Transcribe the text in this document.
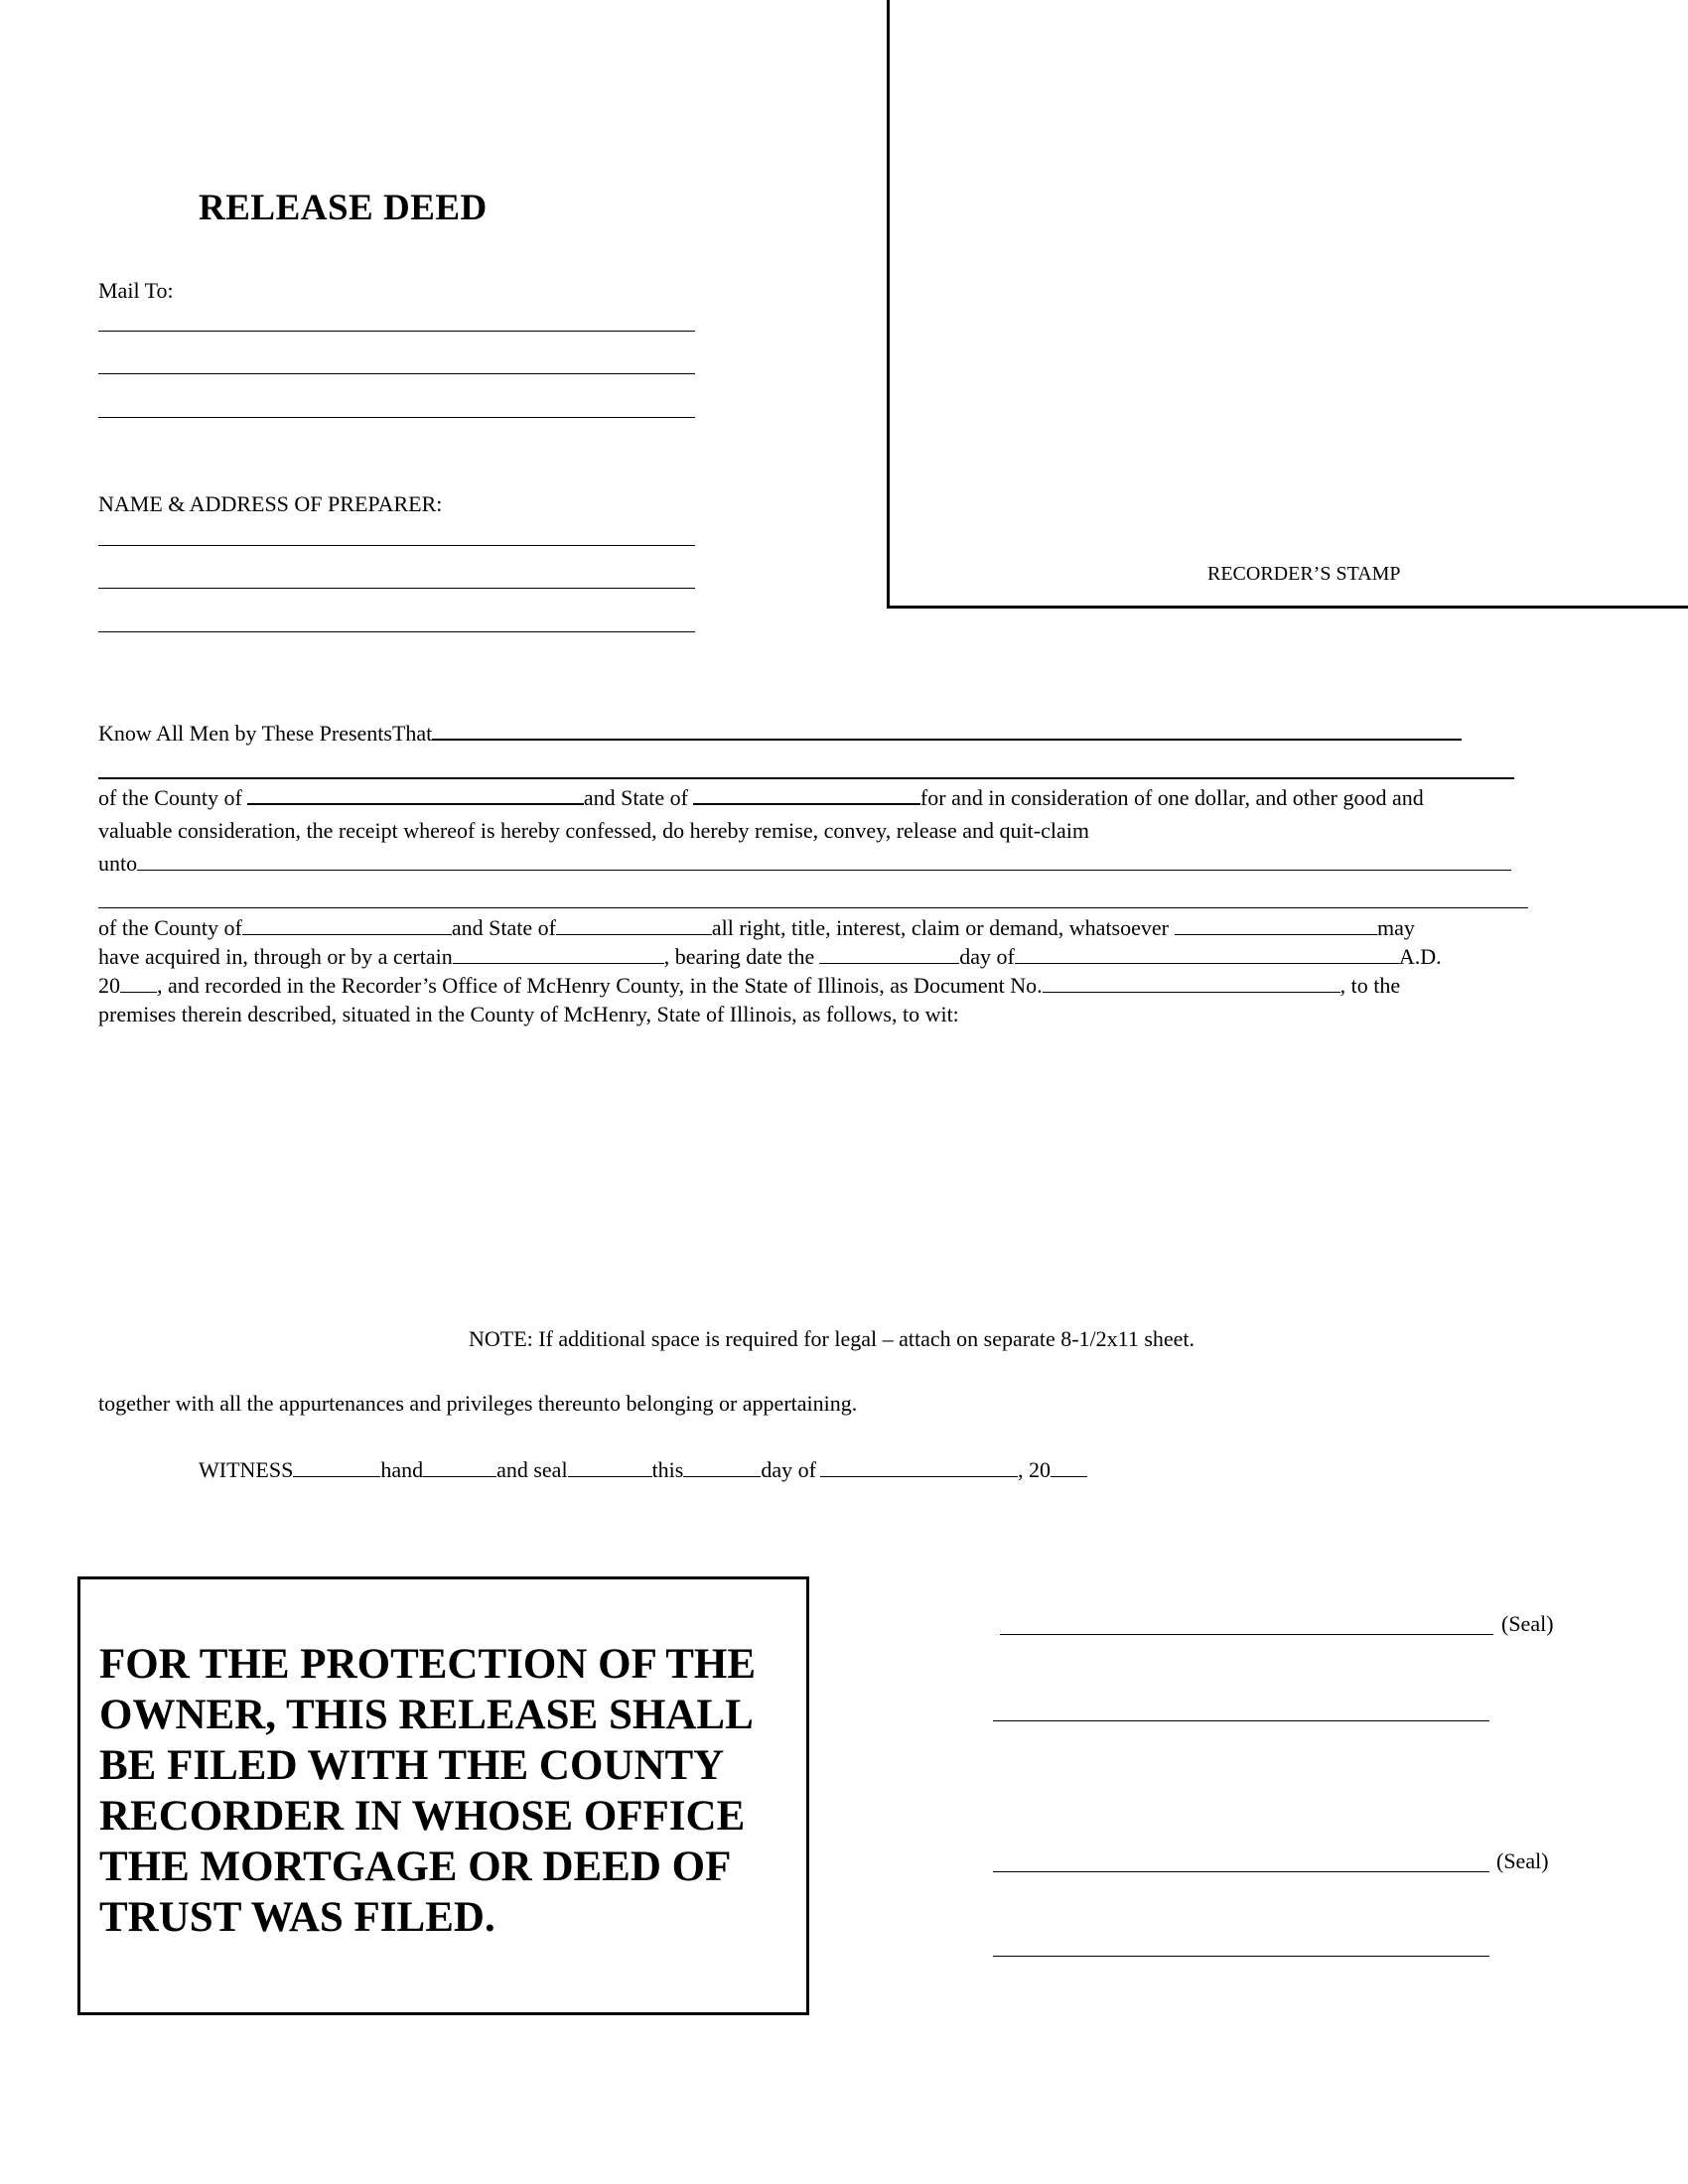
RELEASE DEED
Mail To:
NAME & ADDRESS OF PREPARER:
RECORDER’S STAMP
Know All Men by These PresentsThat
of the County of	and State of	for and in consideration of one dollar, and other good and
valuable consideration, the receipt whereof is hereby confessed, do hereby remise, convey, release and quit-claim
unto
of the County of	and State of	all right, title, interest, claim or demand, whatsoever	may
have acquired in, through or by a certain	, bearing date the	day of	A.D.
20 , and recorded in the Recorder’s Office of McHenry County, in the State of Illinois, as Document No.	, to the
premises therein described, situated in the County of McHenry, State of Illinois, as follows, to wit:
NOTE: If additional space is required for legal – attach on separate 8-1/2x11 sheet.
together with all the appurtenances and privileges thereunto belonging or appertaining.
WITNESS	hand	and seal	this	day of	, 20
FOR THE PROTECTION OF THE
OWNER, THIS RELEASE SHALL
BE FILED WITH THE COUNTY
RECORDER IN WHOSE OFFICE
THE MORTGAGE OR DEED OF
TRUST WAS FILED.
(Seal)
(Seal)
